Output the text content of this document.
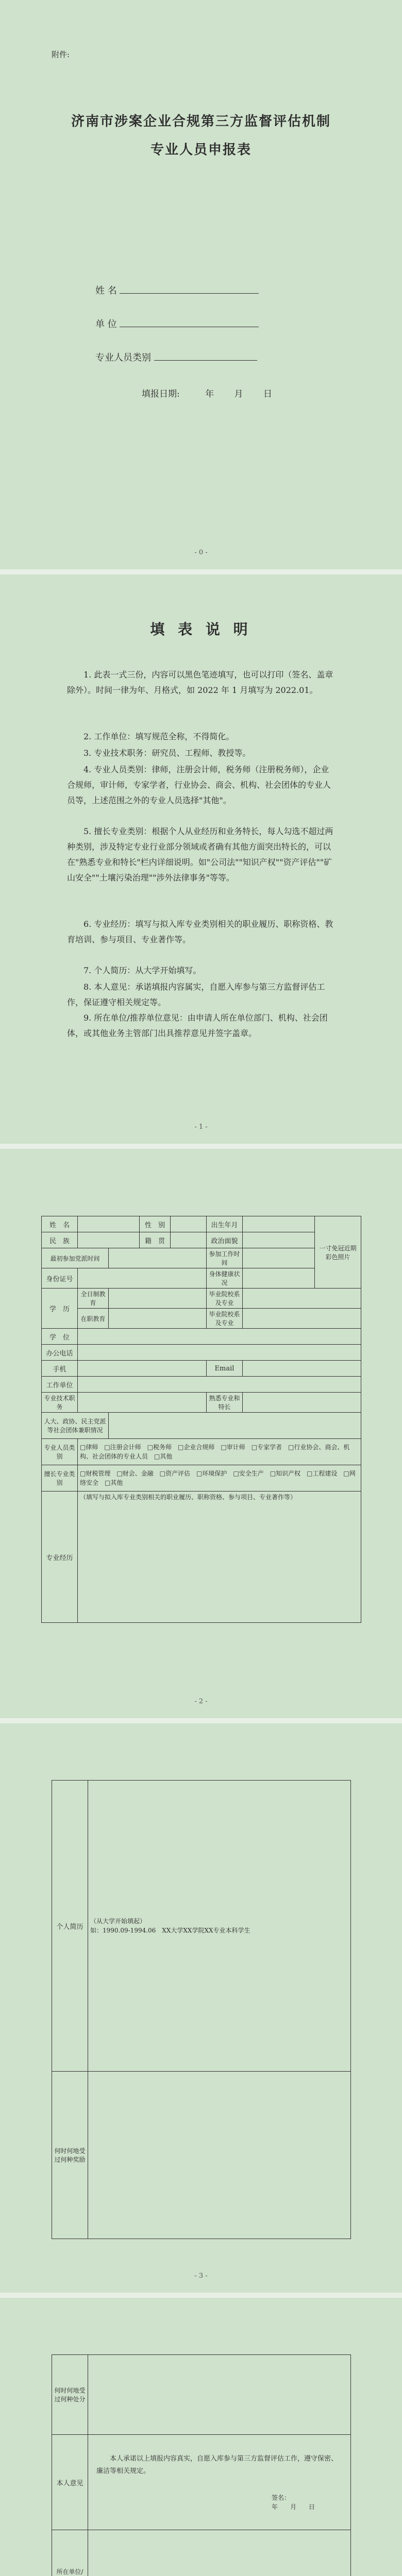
附件:
济南市涉案企业合规第三方监督评估机制
专业人员申报表
姓 名
单 位
专业人员类别
填报日期:	年 月 日
- 0 -
填 表 说 明

1. 此表一式三份，内容可以黑色笔迹填写，也可以打印（签名、盖章除外）。时间一律为年、月格式，如 2022 年 1 月填写为 2022.01。

2. 工作单位：填写规范全称，不得简化。

3. 专业技术职务：研究员、工程师、教授等。

4. 专业人员类别：律师，注册会计师，税务师（注册税务师），企业合规师，审计师，专家学者，行业协会、商会、机构、社会团体的专业人员等，上述范围之外的专业人员选择"其他"。

5. 擅长专业类别：根据个人从业经历和业务特长，每人勾选不超过两种类别，涉及特定专业行业部分领域或者确有其他方面突出特长的，可以在"熟悉专业和特长"栏内详细说明。如"公司法""知识产权""资产评估""矿山安全""土壤污染治理""涉外法律事务"等等。

6. 专业经历：填写与拟入库专业类别相关的职业履历、职称资格、教育培训、参与项目、专业著作等。

7. 个人简历：从大学开始填写。

8. 本人意见：承诺填报内容属实，自愿入库参与第三方监督评估工作，保证遵守相关规定等。

9. 所在单位/推荐单位意见：由申请人所在单位部门、机构、社会团体，或其他业务主管部门出具推荐意见并签字盖章。

- 1 -
姓　名			性　别		出生年月		一寸免冠近期彩色照片
民　族			籍　贯		政治面貌		
最初参加党派时间					参加工作时间		
身份证号					身体健康状况		
学　历	全日制教育				毕业院校系及专业		
	在职教育				毕业院校系及专业		
学　位							
办公电话							
手机					Email		
工作单位							
专业技术职务					熟悉专业和特长		
人大、政协、民主党派等社会团体兼职情况							
专业人员类别	□律师　□注册会计师　□税务师　□企业合规师　□审计师　□专家学者　□行业协会、商会、机构、社会团体的专业人员　□其他						
擅长专业类别	□财税管理　□财会、金融　□资产评估　□环境保护　□安全生产　□知识产权　□工程建设　□网络安全　□其他						
专业经历	（填写与拟入库专业类别相关的职业履历、职称资格、参与项目、专业著作等）						
- 2 -
个人简历	（从大学开始填起）
如：1990.09-1994.06　XX大学XX学院XX专业本科学生

何时何地受过何种奖励	
- 3 -
何时何地受过何种处分	
本人意见	本人承诺以上填报内容真实，自愿入库参与第三方监督评估工作，遵守保密、廉洁等相关规定。
签名：
年　　月　　日

所在单位/	
